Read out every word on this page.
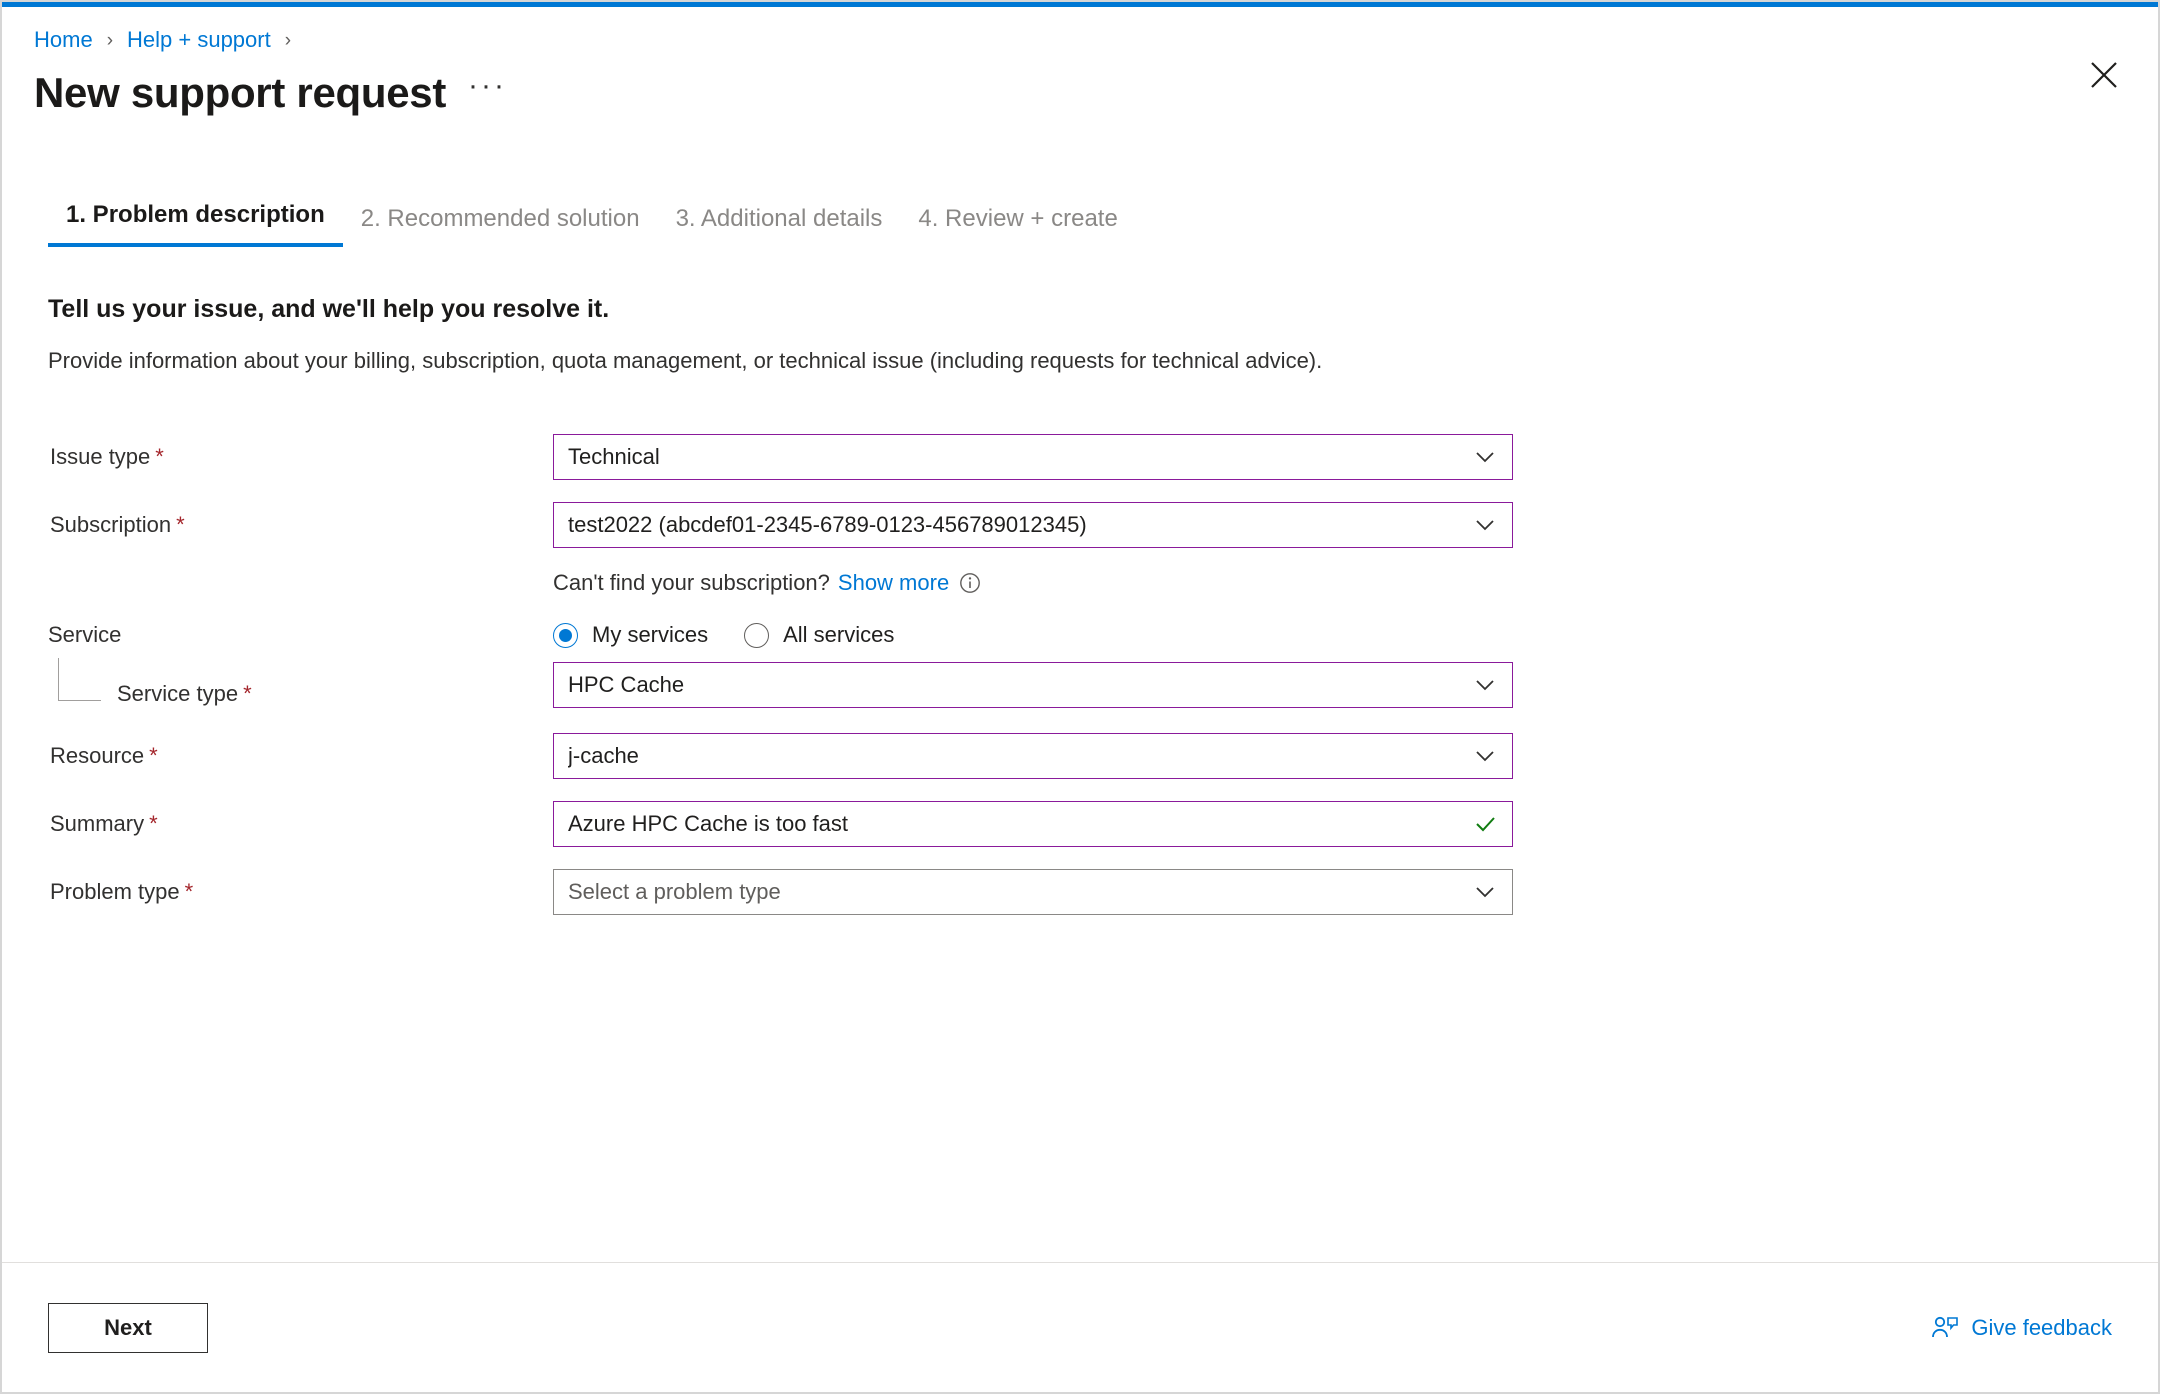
Home › Help + support ›
New support request ···
1. Problem description	2. Recommended solution	3. Additional details	4. Review + create
Tell us your issue, and we'll help you resolve it.
Provide information about your billing, subscription, quota management, or technical issue (including requests for technical advice).
Issue type *	Technical
Subscription *	test2022 (abcdef01-2345-6789-0123-456789012345)
Can't find your subscription? Show more
Service	My services	All services
Service type *	HPC Cache
Resource *	j-cache
Summary *	Azure HPC Cache is too fast
Problem type *	Select a problem type
Next	Give feedback
